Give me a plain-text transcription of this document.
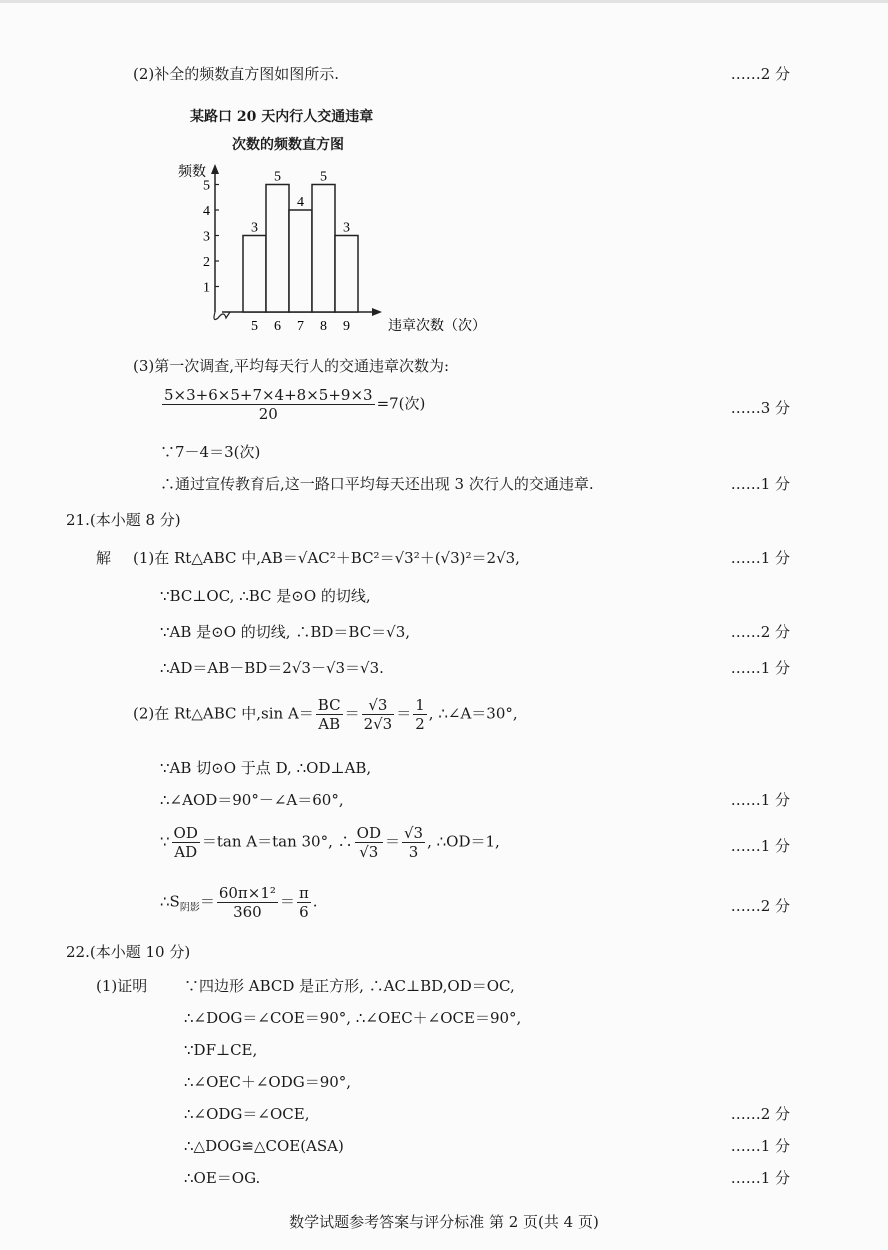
(2)补全的频数直方图如图所示.	……2 分
某路口 20 天内行人交通违章
次数的频数直方图
频数
违章次数（次）
3
5
5
6
4
7
5
8
3
9
1
2
3
4
5
(3)第一次调查,平均每天行人的交通违章次数为:
$\frac{5\times 3+6\times 5+7\times 4+8\times 5+9\times 3}{20} =7$(次)	……3 分
∵7－4＝3(次)
∴通过宣传教育后,这一路口平均每天还出现 3 次行人的交通违章.	……1 分
21.(本小题 8 分)
解 (1)在 Rt△ABC 中,AB＝√AC²＋BC²＝√3²＋(√3)²＝2√3,	……1 分
∵BC⊥OC, ∴BC 是⊙O 的切线,
∵AB 是⊙O 的切线, ∴BD＝BC＝√3,	……2 分
∴AD＝AB－BD＝2√3－√3＝√3.	……1 分
(2)在 Rt△ABC 中,sin $A= \frac{BC}{AB} = \frac{√3}{2√3} = \frac{1}{2}$ , ∴∠A＝30°,
∵AB 切⊙O 于点 D, ∴OD⊥AB,
∴∠AOD＝90°－∠A＝60°,	……1 分
∵ $\frac{OD}{AD} =\tan$ A＝tan 30°, ∴ $\frac{OD}{√3} = \frac{√3}{3}$ , ∴OD＝1,	……1 分
$\therefore S_{阴影}= \frac{\text{60π×1²}}{360} = \frac{\pi}{6}$ .	……2 分
22.(本小题 10 分)
(1)证明 ∵四边形 ABCD 是正方形, ∴AC⊥BD,OD＝OC,
∴∠DOG＝∠COE＝90°, ∴∠OEC＋∠OCE＝90°,
∵DF⊥CE,
∴∠OEC＋∠ODG＝90°,
∴∠ODG＝∠OCE,	……2 分
∴△DOG≌△COE(ASA)	……1 分
∴OE＝OG.	……1 分
数学试题参考答案与评分标准 第 2 页(共 4 页)
